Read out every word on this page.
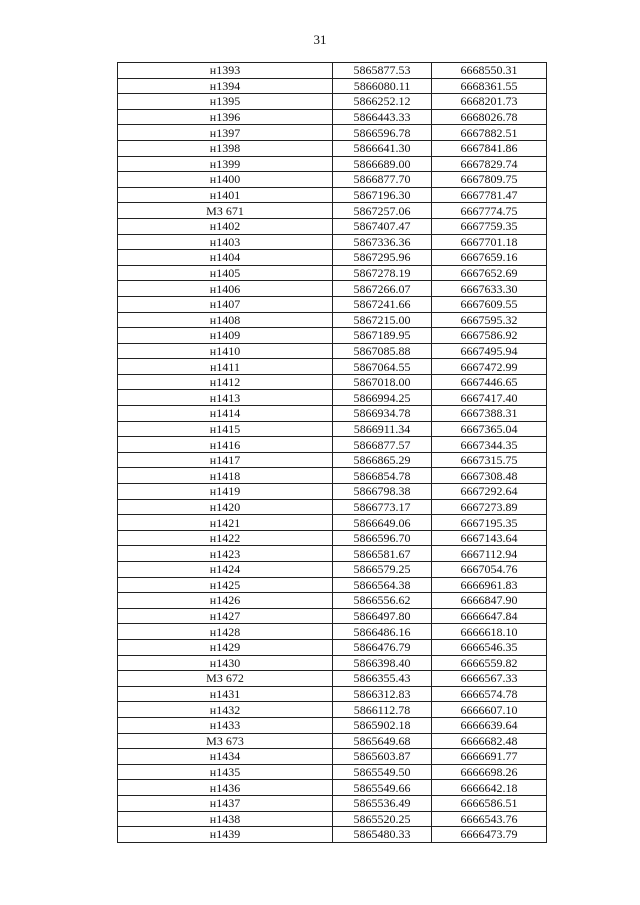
31
н1393	5865877.53	6668550.31
н1394	5866080.11	6668361.55
н1395	5866252.12	6668201.73
н1396	5866443.33	6668026.78
н1397	5866596.78	6667882.51
н1398	5866641.30	6667841.86
н1399	5866689.00	6667829.74
н1400	5866877.70	6667809.75
н1401	5867196.30	6667781.47
МЗ 671	5867257.06	6667774.75
н1402	5867407.47	6667759.35
н1403	5867336.36	6667701.18
н1404	5867295.96	6667659.16
н1405	5867278.19	6667652.69
н1406	5867266.07	6667633.30
н1407	5867241.66	6667609.55
н1408	5867215.00	6667595.32
н1409	5867189.95	6667586.92
н1410	5867085.88	6667495.94
н1411	5867064.55	6667472.99
н1412	5867018.00	6667446.65
н1413	5866994.25	6667417.40
н1414	5866934.78	6667388.31
н1415	5866911.34	6667365.04
н1416	5866877.57	6667344.35
н1417	5866865.29	6667315.75
н1418	5866854.78	6667308.48
н1419	5866798.38	6667292.64
н1420	5866773.17	6667273.89
н1421	5866649.06	6667195.35
н1422	5866596.70	6667143.64
н1423	5866581.67	6667112.94
н1424	5866579.25	6667054.76
н1425	5866564.38	6666961.83
н1426	5866556.62	6666847.90
н1427	5866497.80	6666647.84
н1428	5866486.16	6666618.10
н1429	5866476.79	6666546.35
н1430	5866398.40	6666559.82
МЗ 672	5866355.43	6666567.33
н1431	5866312.83	6666574.78
н1432	5866112.78	6666607.10
н1433	5865902.18	6666639.64
МЗ 673	5865649.68	6666682.48
н1434	5865603.87	6666691.77
н1435	5865549.50	6666698.26
н1436	5865549.66	6666642.18
н1437	5865536.49	6666586.51
н1438	5865520.25	6666543.76
н1439	5865480.33	6666473.79
